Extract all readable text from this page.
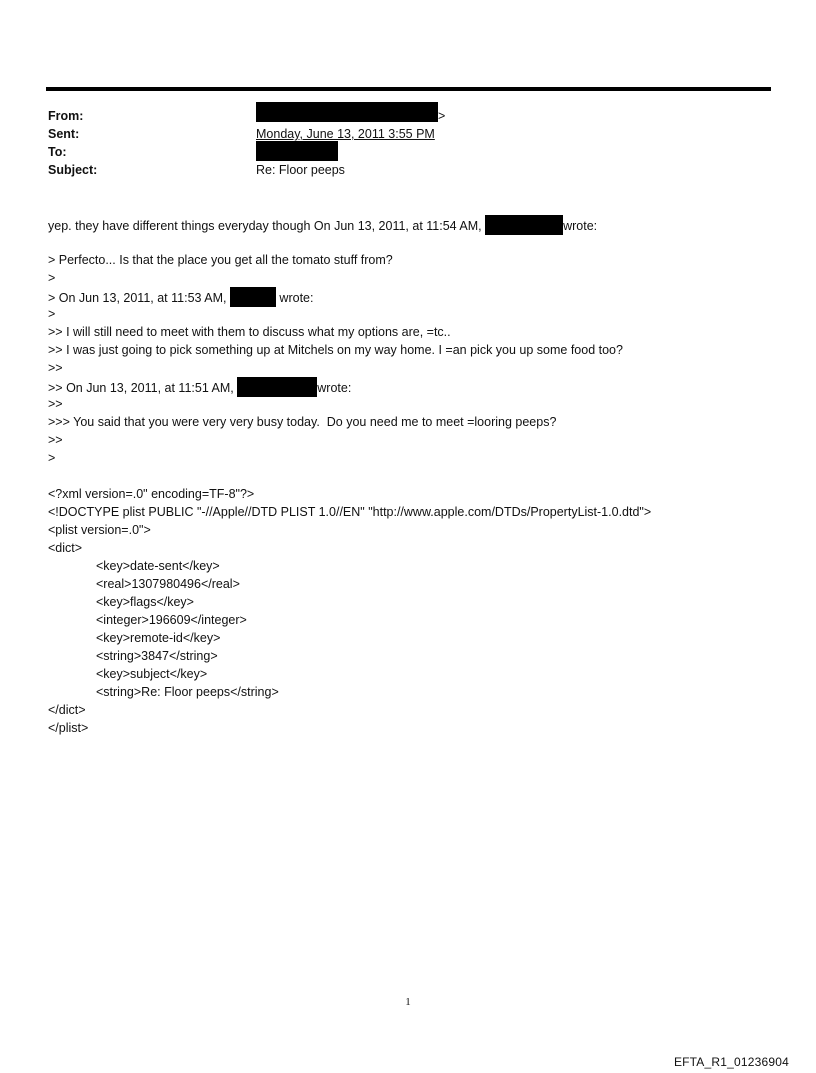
From:	>
Sent:	Monday, June 13, 2011 3:55 PM
To:
Subject:	Re: Floor peeps
yep. they have different things everyday though On Jun 13, 2011, at 11:54 AM,	wrote:
> Perfecto... Is that the place you get all the tomato stuff from?
>
> On Jun 13, 2011, at 11:53 AM,	wrote:
>
>> I will still need to meet with them to discuss what my options are, =tc..
>> I was just going to pick something up at Mitchels on my way home. I =an pick you up some food too?
>>
>> On Jun 13, 2011, at 11:51 AM,	wrote:
>>
>>> You said that you were very very busy today.  Do you need me to meet =looring peeps?
>>
>
<?xml version=.0" encoding=TF-8"?>
<!DOCTYPE plist PUBLIC "-//Apple//DTD PLIST 1.0//EN" "http://www.apple.com/DTDs/PropertyList-1.0.dtd">
<plist version=.0">
<dict>
<key>date-sent</key>
<real>1307980496</real>
<key>flags</key>
<integer>196609</integer>
<key>remote-id</key>
<string>3847</string>
<key>subject</key>
<string>Re: Floor peeps</string>
</dict>
</plist>
1
EFTA_R1_01236904
